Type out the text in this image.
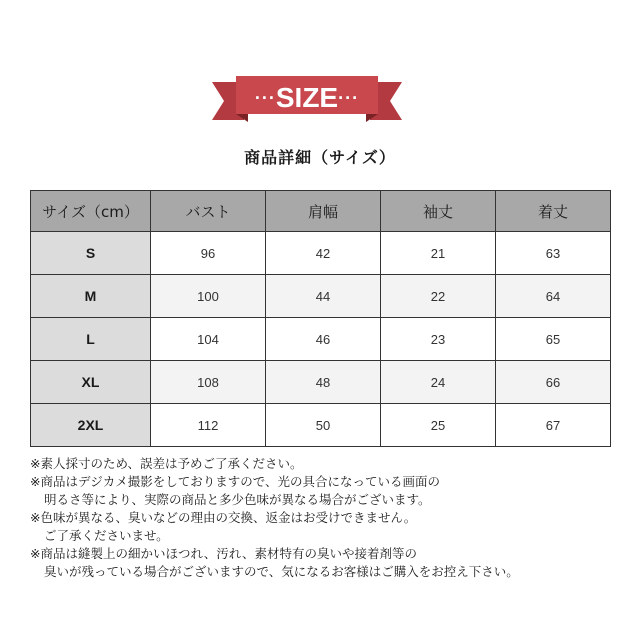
··· SIZE ···
商品詳細（サイズ）
サイズ（cm）	バスト	肩幅	袖丈	着丈
S	96	42	21	63
M	100	44	22	64
L	104	46	23	65
XL	108	48	24	66
2XL	112	50	25	67
※素人採寸のため、誤差は予めご了承ください。
※商品はデジカメ撮影をしておりますので、光の具合になっている画面の
明るさ等により、実際の商品と多少色味が異なる場合がございます。
※色味が異なる、臭いなどの理由の交換、返金はお受けできません。
ご了承くださいませ。
※商品は縫製上の細かいほつれ、汚れ、素材特有の臭いや接着剤等の
臭いが残っている場合がございますので、気になるお客様はご購入をお控え下さい。
